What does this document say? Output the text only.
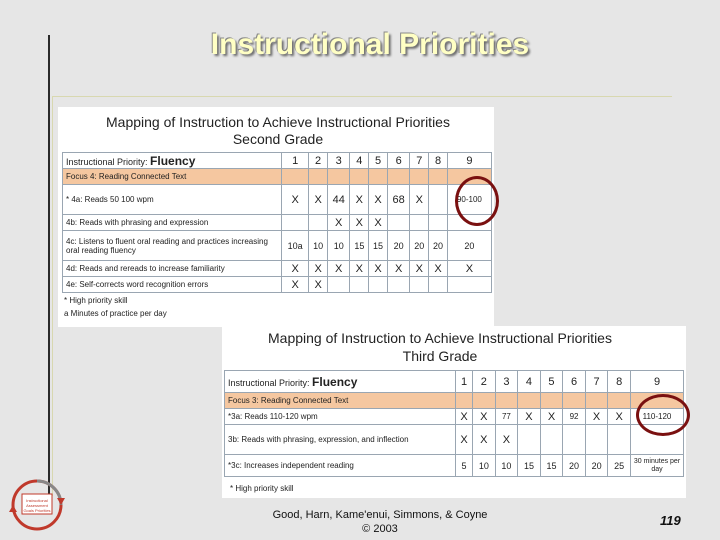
Instructional Priorities
Mapping of Instruction to Achieve Instructional Priorities
Second Grade
Instructional Priority: Fluency	1	2	3	4	5	6	7	8	9
Focus 4: Reading Connected Text									
* 4a: Reads 50 100 wpm	X	X	44	X	X	68	X		90-100
4b: Reads with phrasing and expression			X	X	X				
4c: Listens to fluent oral reading and practices increasing oral reading fluency	10a	10	10	15	15	20	20	20	20
4d: Reads and rereads to increase familiarity	X	X	X	X	X	X	X	X	X
4e: Self-corrects word recognition errors	X	X							
* High priority skill
a Minutes of practice per day
Mapping of Instruction to Achieve Instructional Priorities
Third Grade
Instructional Priority: Fluency	1	2	3	4	5	6	7	8	9
Focus 3: Reading Connected Text									
*3a: Reads 110-120 wpm	X	X	77	X	X	92	X	X	110-120
3b: Reads with phrasing, expression, and inflection	X	X	X						
*3c: Increases independent reading	5	10	10	15	15	20	20	25	30 minutes per day
* High priority skill
Instructional
Assessment
Goals Priorities	Good, Harn, Kame'enui, Simmons, & Coyne
© 2003
119
